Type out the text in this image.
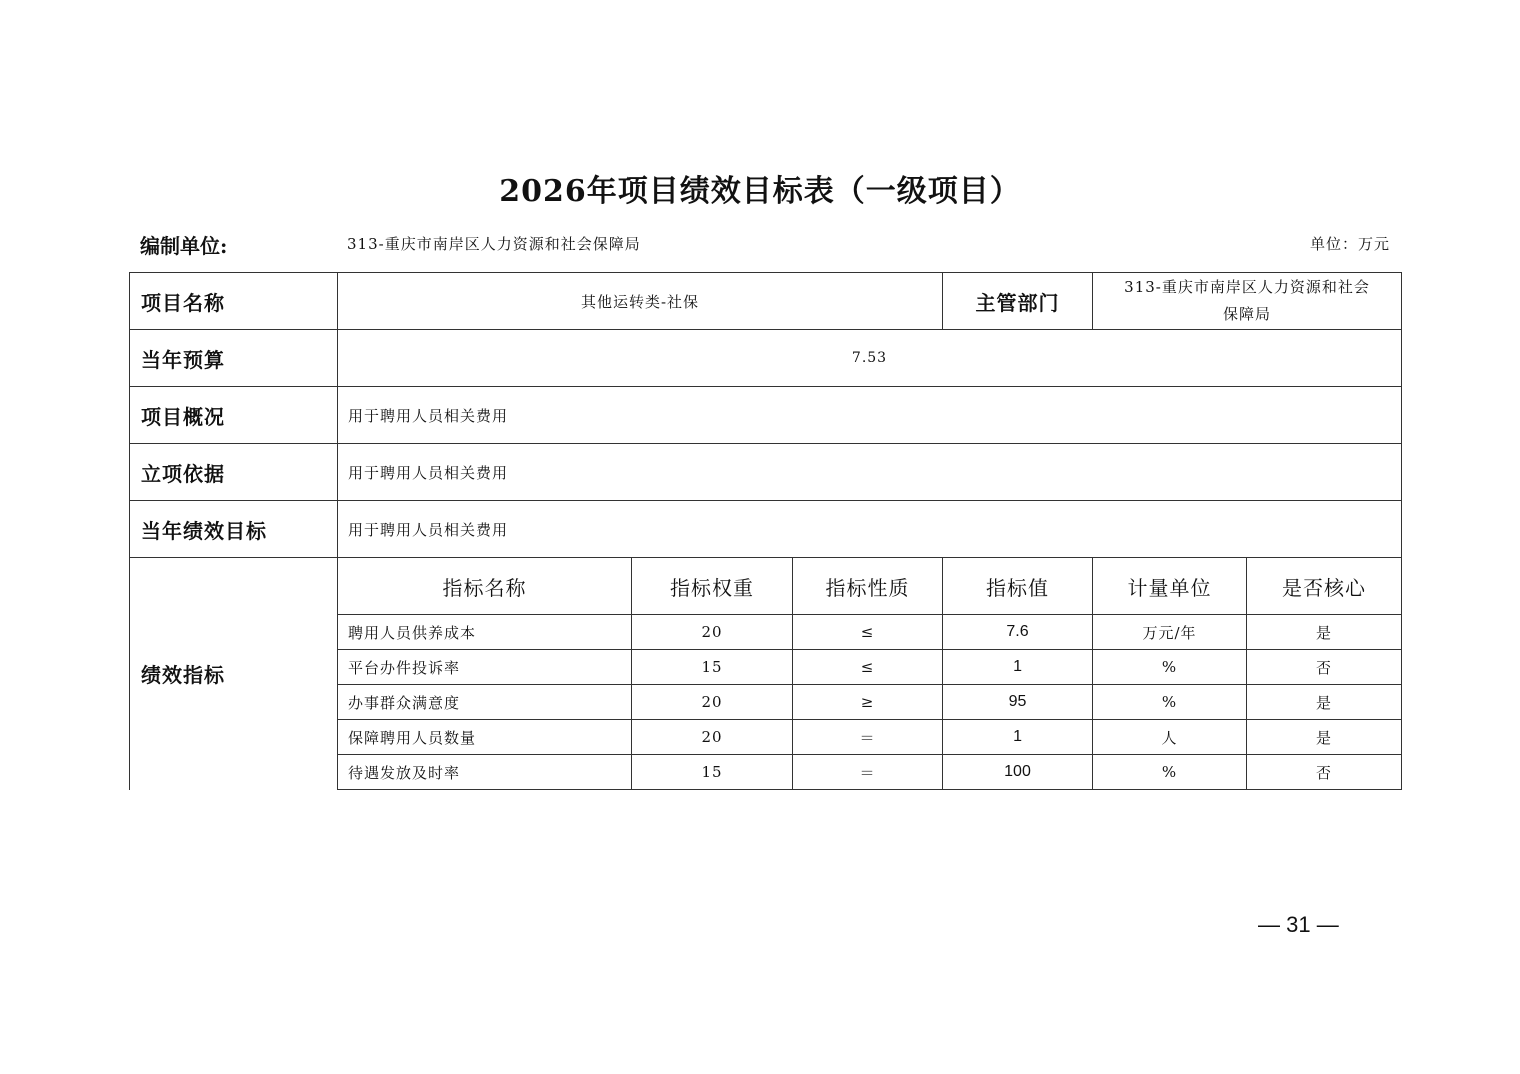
2026年项目绩效目标表（一级项目）
编制单位:	313-重庆市南岸区人力资源和社会保障局	单位：万元
项目名称	其他运转类-社保			主管部门	313-重庆市南岸区人力资源和社会
保障局	

当年预算	7.53					
项目概况	用于聘用人员相关费用					
立项依据	用于聘用人员相关费用					
当年绩效目标	用于聘用人员相关费用					
绩效指标	指标名称	指标权重	指标性质	指标值	计量单位	是否核心
	聘用人员供养成本	20	≤	7.6	万元/年	是
	平台办件投诉率	15	≤	1	%	否
	办事群众满意度	20	≥	95	%	是
	保障聘用人员数量	20	＝	1	人	是
	待遇发放及时率	15	＝	100	%	否
— 31 —
